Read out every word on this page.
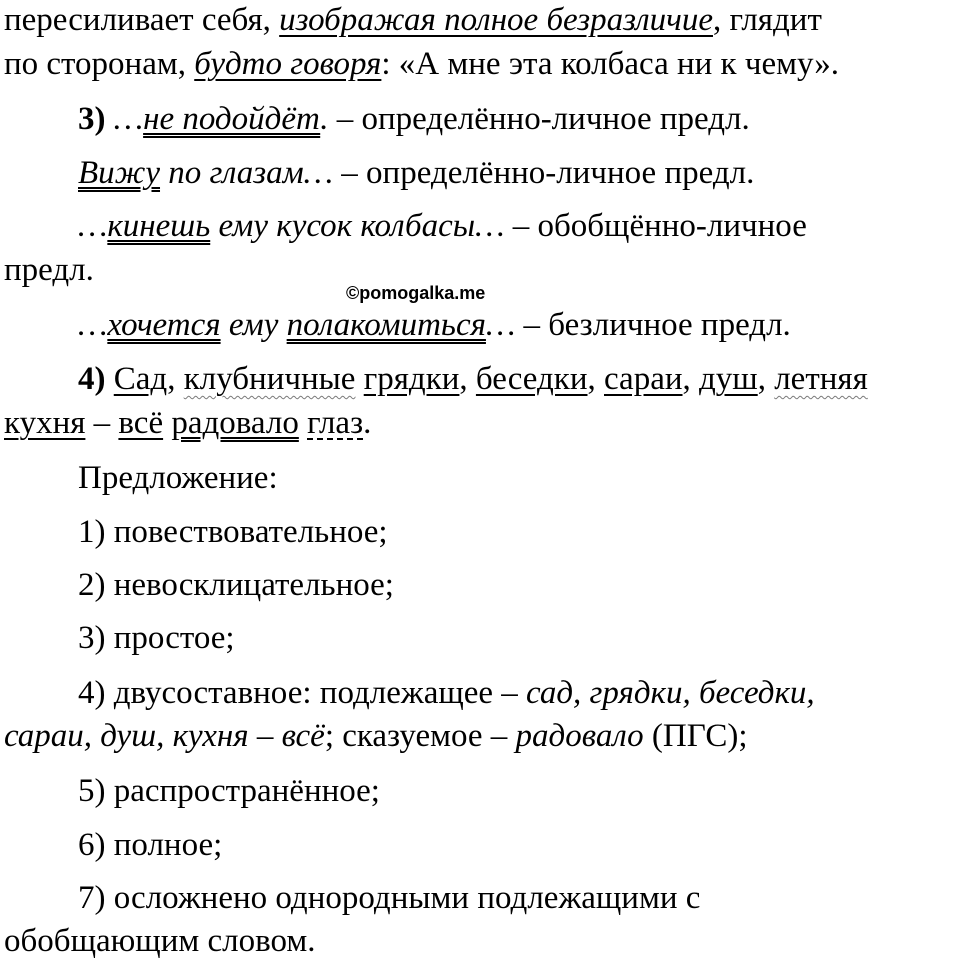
пересиливает себя, изображая полное безразличие, глядит
по сторонам, будто говоря: «А мне эта колбаса ни к чему».
3) …не подойдёт. – определённо-личное предл.
Вижу по глазам… – определённо-личное предл.
…кинешь ему кусок колбасы… – обобщённо-личное
предл.
©pomogalka.me
…хочется ему полакомиться… – безличное предл.
4) Сад, клубничные грядки, беседки, сараи, душ, летняя
кухня – всё радовало глаз.
Предложение:
1) повествовательное;
2) невосклицательное;
3) простое;
4) двусоставное: подлежащее – сад, грядки, беседки,
сараи, душ, кухня – всё; сказуемое – радовало (ПГС);
5) распространённое;
6) полное;
7) осложнено однородными подлежащими с
обобщающим словом.
